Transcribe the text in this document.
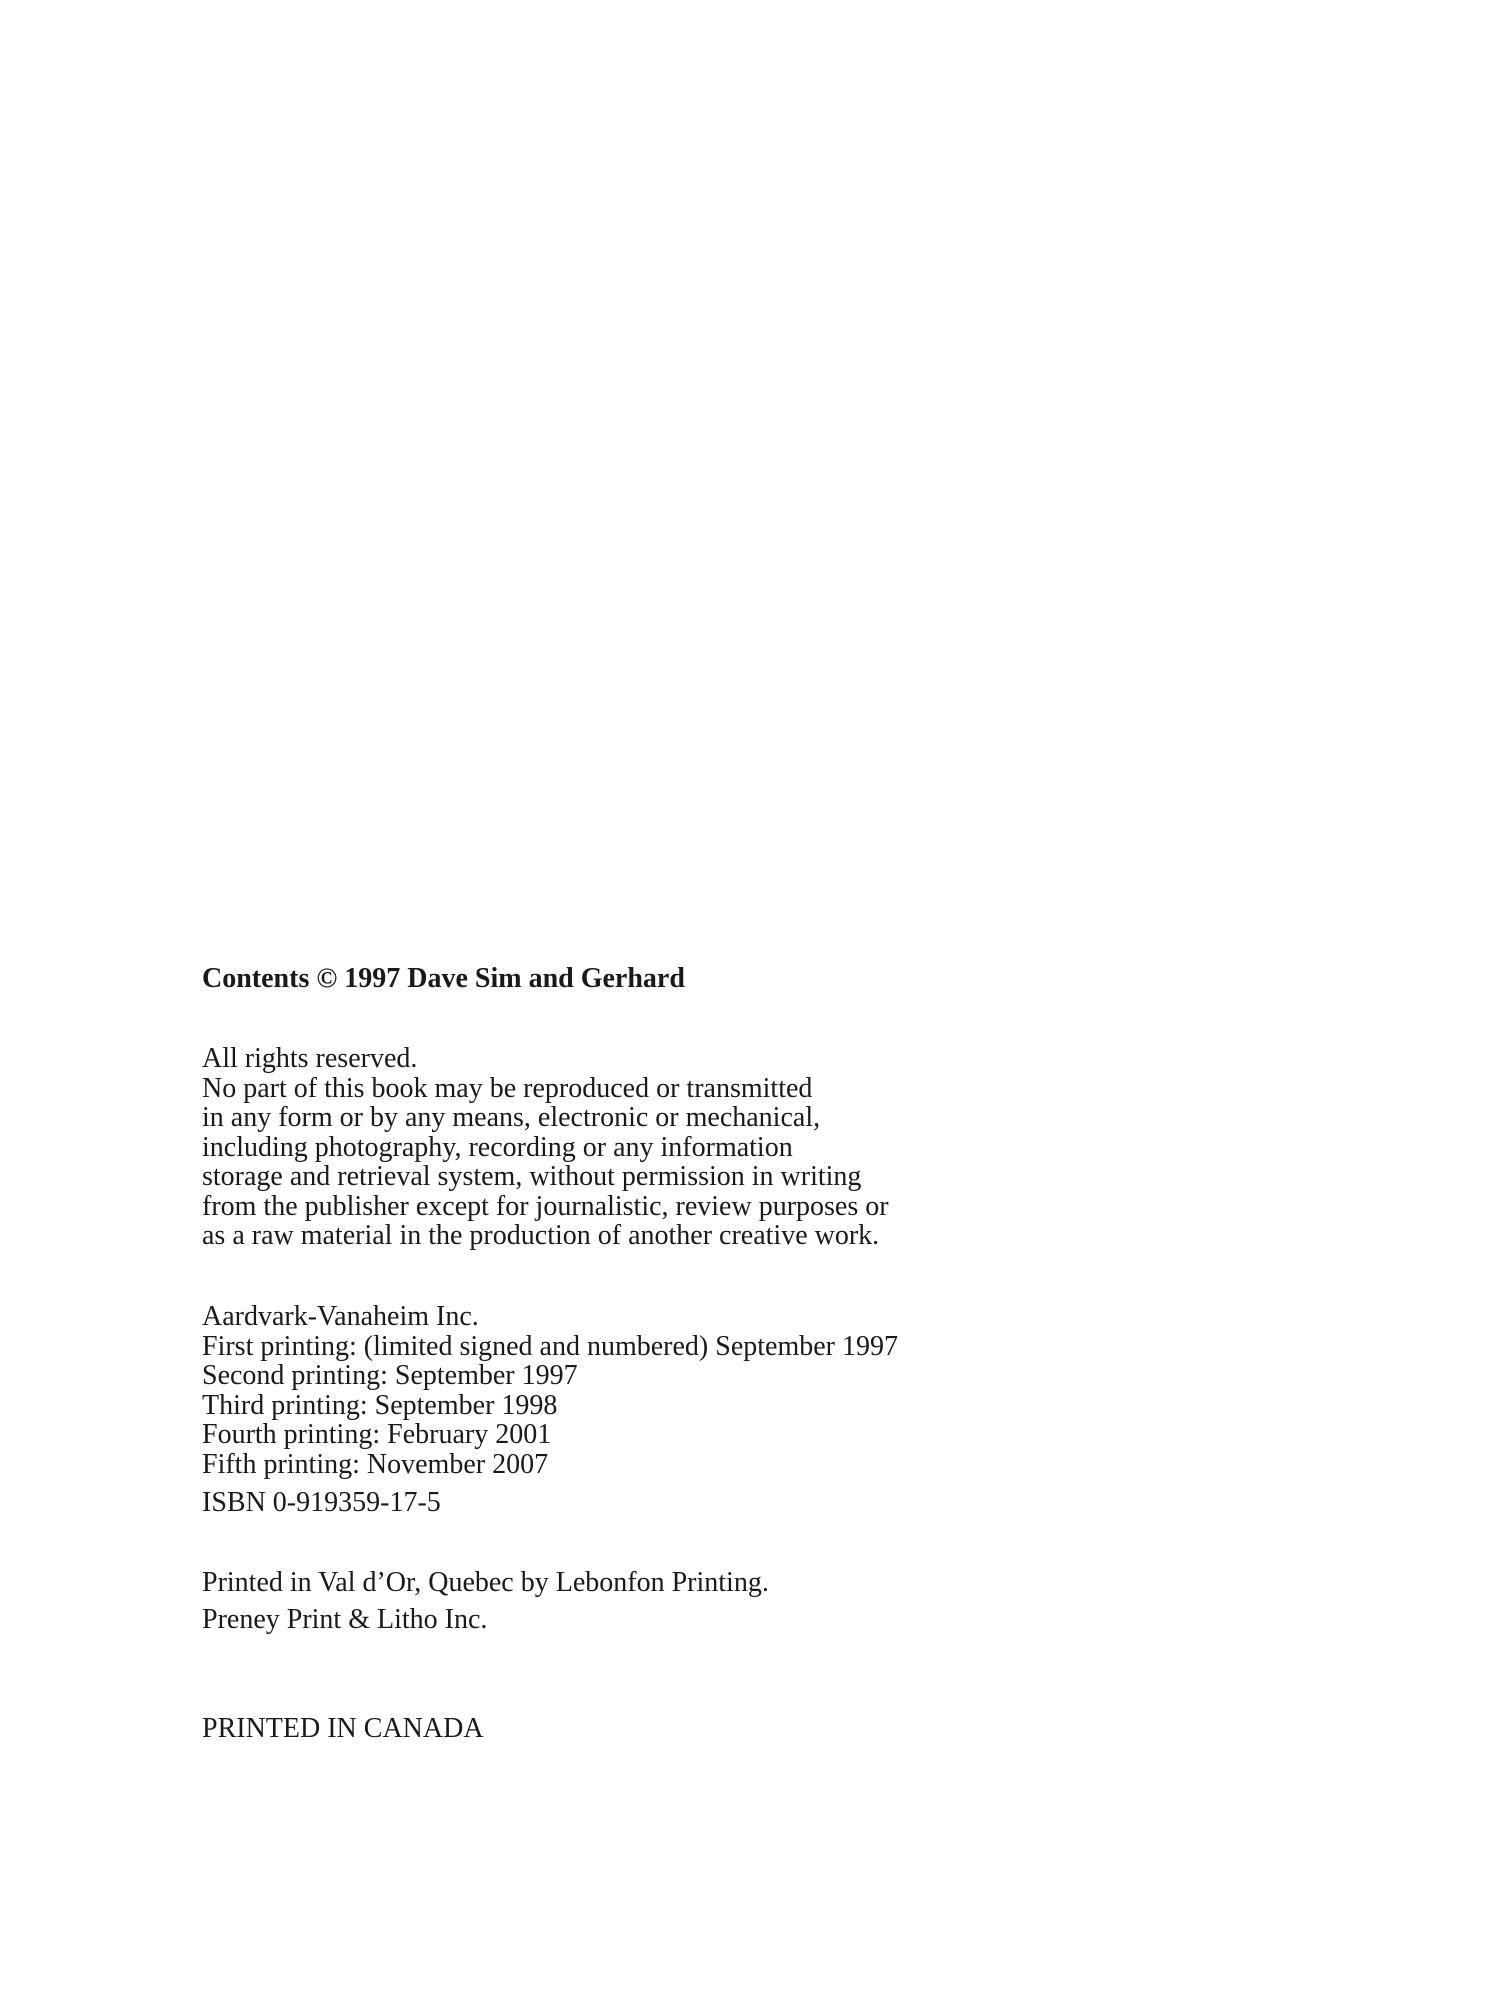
Contents © 1997 Dave Sim and Gerhard
All rights reserved.
No part of this book may be reproduced or transmitted
in any form or by any means, electronic or mechanical,
including photography, recording or any information
storage and retrieval system, without permission in writing
from the publisher except for journalistic, review purposes or
as a raw material in the production of another creative work.
Aardvark-Vanaheim Inc.
First printing: (limited signed and numbered) September 1997
Second printing: September 1997
Third printing: September 1998
Fourth printing: February 2001
Fifth printing: November 2007
ISBN 0-919359-17-5
Printed in Val d’Or, Quebec by Lebonfon Printing.
Preney Print & Litho Inc.
PRINTED IN CANADA
